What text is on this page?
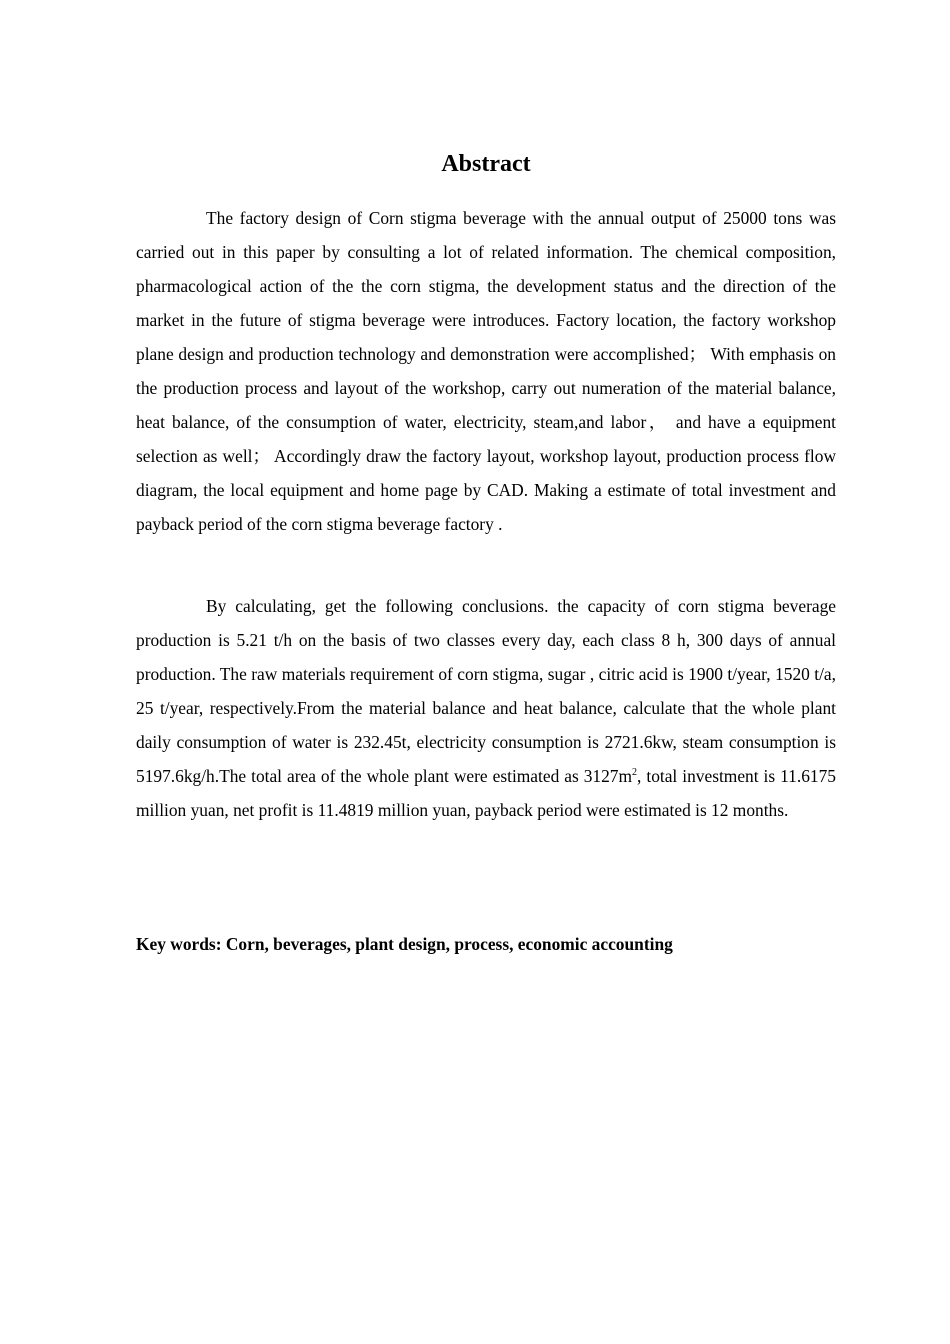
Abstract

The factory design of Corn stigma beverage with the annual output of 25000 tons was carried out in this paper by consulting a lot of related information. The chemical composition, pharmacological action of the the corn stigma, the development status and the direction of the market in the future of stigma beverage were introduces. Factory location, the factory workshop plane design and production technology and demonstration were accomplished； With emphasis on the production process and layout of the workshop, carry out numeration of the material balance, heat balance, of the consumption of water, electricity, steam,and labor， and have a equipment selection as well； Accordingly draw the factory layout, workshop layout, production process flow diagram, the local equipment and home page by CAD. Making a estimate of total investment and payback period of the corn stigma beverage factory .

By calculating, get the following conclusions. the capacity of corn stigma beverage production is 5.21 t/h on the basis of two classes every day, each class 8 h, 300 days of annual production. The raw materials requirement of corn stigma, sugar , citric acid is 1900 t/year, 1520 t/a, 25 t/year, respectively.From the material balance and heat balance, calculate that the whole plant daily consumption of water is 232.45t, electricity consumption is 2721.6kw, steam consumption is 5197.6kg/h.The total area of the whole plant were estimated as $3127m^2$, total investment is 11.6175 million yuan, net profit is 11.4819 million yuan, payback period were estimated is 12 months.

Key words: Corn, beverages, plant design, process, economic accounting
